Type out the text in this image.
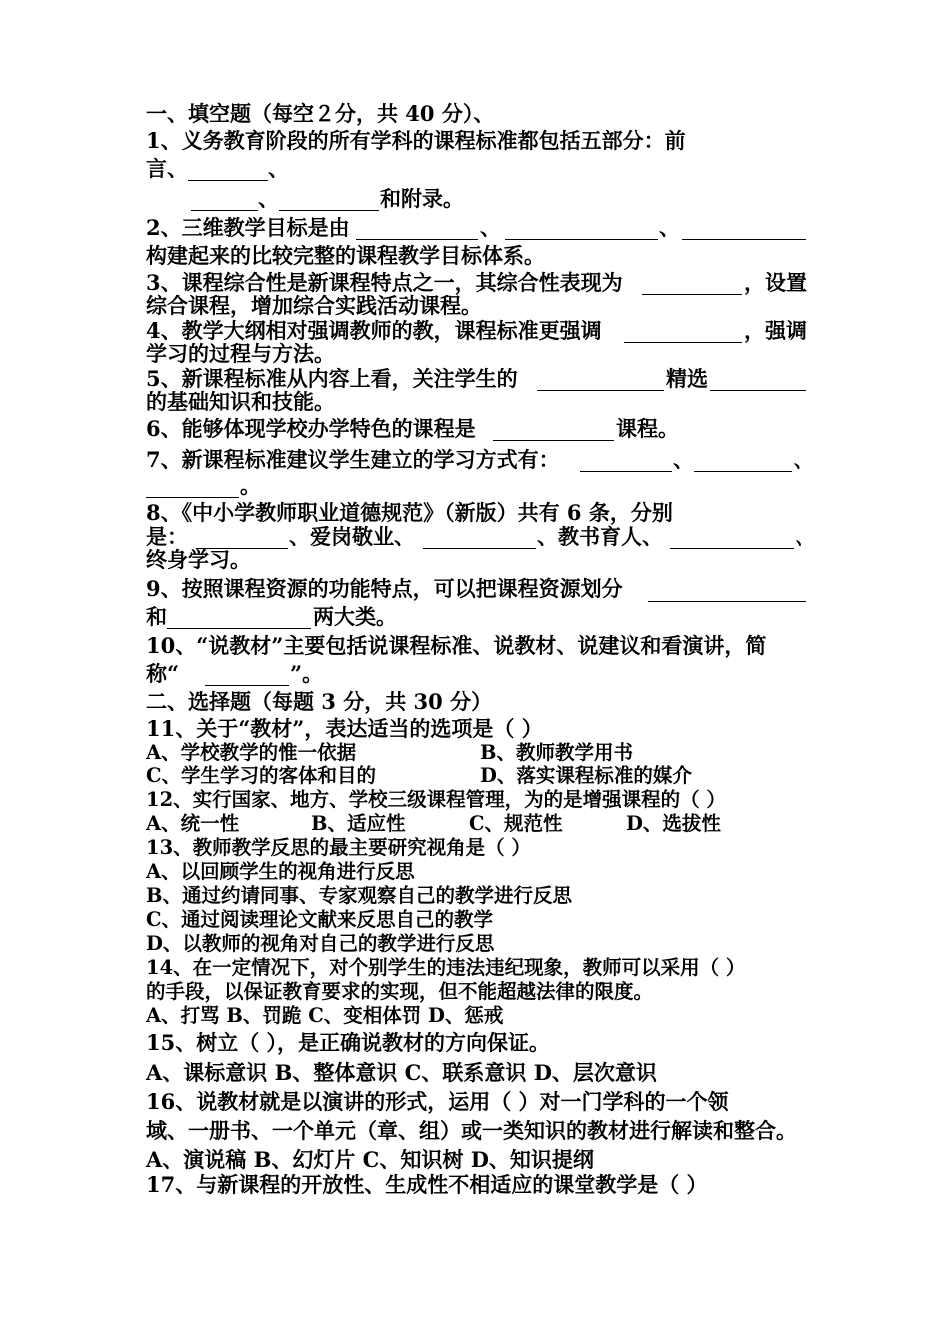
一、填空题（每空２分，共 40 分）、
1、义务教育阶段的所有学科的课程标准都包括五部分：前
言、	、
、	和附录。
2、三维教学目标是由	、	、
构建起来的比较完整的课程教学目标体系。
3、课程综合性是新课程特点之一，其综合性表现为	，设置
综合课程，增加综合实践活动课程。
4、教学大纲相对强调教师的教，课程标准更强调	，强调
学习的过程与方法。
5、新课程标准从内容上看，关注学生的	精选
的基础知识和技能。
6、能够体现学校办学特色的课程是	课程。
7、新课程标准建议学生建立的学习方式有：	、	、
。
8、《中小学教师职业道德规范》（新版）共有 6 条，分别
是：	、爱岗敬业、	、教书育人、	、
终身学习。
9、按照课程资源的功能特点，可以把课程资源划分
和	两大类。
10、“说教材”主要包括说课程标准、说教材、说建议和看演讲，简
称“	”。
二、选择题（每题 3 分，共 30 分）
11、关于“教材”，表达适当的选项是（ ）
A、学校教学的惟一依据	B、教师教学用书
C、学生学习的客体和目的	D、落实课程标准的媒介
12、实行国家、地方、学校三级课程管理，为的是增强课程的（ ）
A、统一性	B、适应性	C、规范性	D、选拔性
13、教师教学反思的最主要研究视角是（ ）
A、以回顾学生的视角进行反思
B、通过约请同事、专家观察自己的教学进行反思
C、通过阅读理论文献来反思自己的教学
D、以教师的视角对自己的教学进行反思
14、在一定情况下，对个别学生的违法违纪现象，教师可以采用（ ）
的手段，以保证教育要求的实现，但不能超越法律的限度。
A、打骂 B、罚跪 C、变相体罚 D、惩戒
15、树立（ ），是正确说教材的方向保证。
A、课标意识 B、整体意识 C、联系意识 D、层次意识
16、说教材就是以演讲的形式，运用（ ）对一门学科的一个领
域、一册书、一个单元（章、组）或一类知识的教材进行解读和整合。
A、演说稿 B、幻灯片 C、知识树 D、知识提纲
17、与新课程的开放性、生成性不相适应的课堂教学是（ ）
